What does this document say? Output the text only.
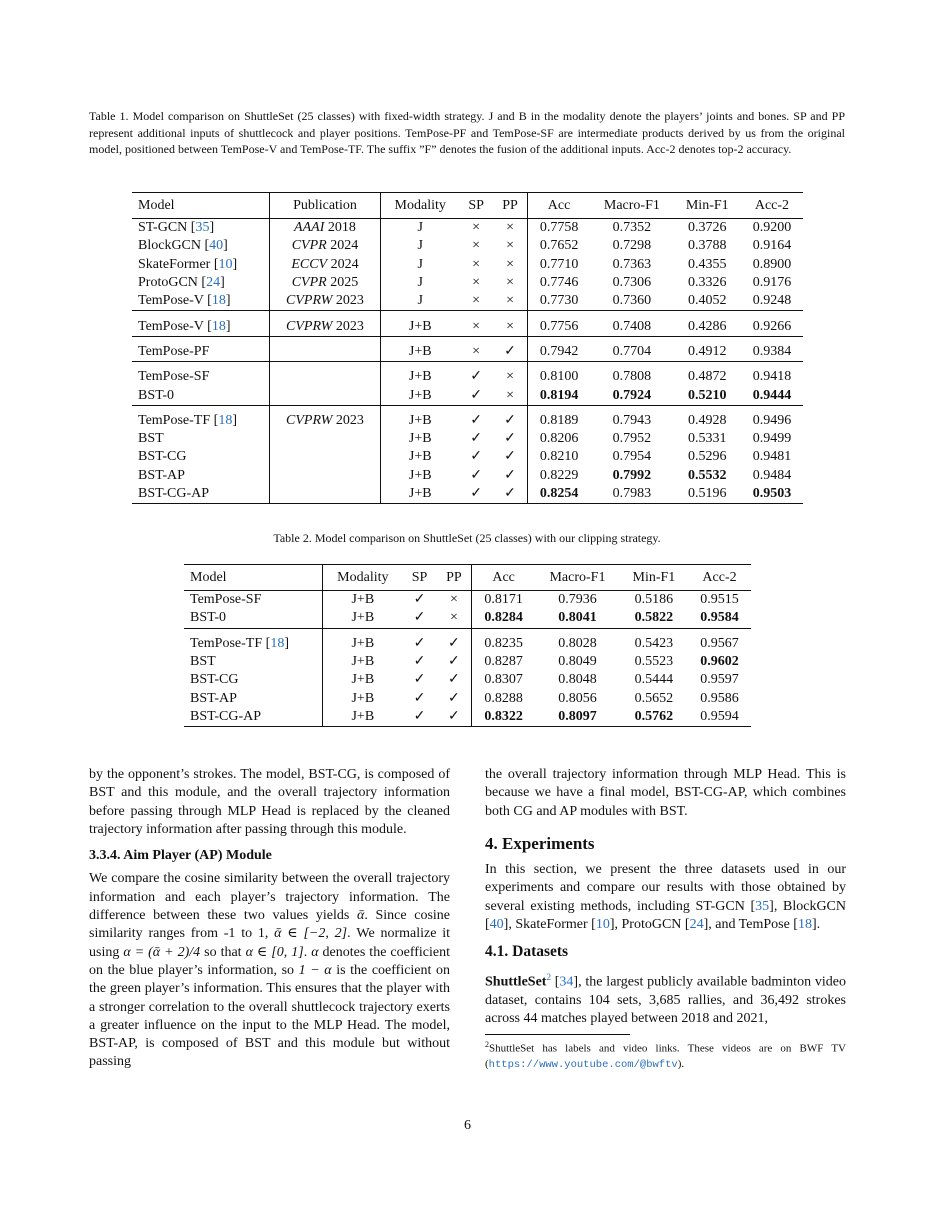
Table 1. Model comparison on ShuttleSet (25 classes) with fixed-width strategy. J and B in the modality denote the players’ joints and bones. SP and PP represent additional inputs of shuttlecock and player positions. TemPose-PF and TemPose-SF are intermediate products derived by us from the original model, positioned between TemPose-V and TemPose-TF. The suffix ”F” denotes the fusion of the additional inputs. Acc-2 denotes top-2 accuracy.
Model	Publication	Modality	SP	PP	Acc	Macro-F1	Min-F1	Acc-2
ST-GCN [35]	AAAI 2018	J	×	×	0.7758	0.7352	0.3726	0.9200
BlockGCN [40]	CVPR 2024	J	×	×	0.7652	0.7298	0.3788	0.9164
SkateFormer [10]	ECCV 2024	J	×	×	0.7710	0.7363	0.4355	0.8900
ProtoGCN [24]	CVPR 2025	J	×	×	0.7746	0.7306	0.3326	0.9176
TemPose-V [18]	CVPRW 2023	J	×	×	0.7730	0.7360	0.4052	0.9248
TemPose-V [18]	CVPRW 2023	J+B	×	×	0.7756	0.7408	0.4286	0.9266
TemPose-PF		J+B	×	✓	0.7942	0.7704	0.4912	0.9384
TemPose-SF		J+B	✓	×	0.8100	0.7808	0.4872	0.9418
BST-0		J+B	✓	×	0.8194	0.7924	0.5210	0.9444
TemPose-TF [18]	CVPRW 2023	J+B	✓	✓	0.8189	0.7943	0.4928	0.9496
BST		J+B	✓	✓	0.8206	0.7952	0.5331	0.9499
BST-CG		J+B	✓	✓	0.8210	0.7954	0.5296	0.9481
BST-AP		J+B	✓	✓	0.8229	0.7992	0.5532	0.9484
BST-CG-AP		J+B	✓	✓	0.8254	0.7983	0.5196	0.9503
Table 2. Model comparison on ShuttleSet (25 classes) with our clipping strategy.
Model	Modality	SP	PP	Acc	Macro-F1	Min-F1	Acc-2
TemPose-SF	J+B	✓	×	0.8171	0.7936	0.5186	0.9515
BST-0	J+B	✓	×	0.8284	0.8041	0.5822	0.9584
TemPose-TF [18]	J+B	✓	✓	0.8235	0.8028	0.5423	0.9567
BST	J+B	✓	✓	0.8287	0.8049	0.5523	0.9602
BST-CG	J+B	✓	✓	0.8307	0.8048	0.5444	0.9597
BST-AP	J+B	✓	✓	0.8288	0.8056	0.5652	0.9586
BST-CG-AP	J+B	✓	✓	0.8322	0.8097	0.5762	0.9594

by the opponent’s strokes. The model, BST-CG, is composed of BST and this module, and the overall trajectory information before passing through MLP Head is replaced by the cleaned trajectory information after passing through this module.

3.3.4. Aim Player (AP) Module

We compare the cosine similarity between the overall trajectory information and each player’s trajectory information. The difference between these two values yields ᾱ. Since cosine similarity ranges from -1 to 1, ᾱ ∈ [−2, 2]. We normalize it using α = (ᾱ + 2)/4 so that α ∈ [0, 1]. α denotes the coefficient on the blue player’s information, so 1 − α is the coefficient on the green player’s information. This ensures that the player with a stronger correlation to the overall shuttlecock trajectory exerts a greater influence on the input to the MLP Head. The model, BST-AP, is composed of BST and this module but without passing

the overall trajectory information through MLP Head. This is because we have a final model, BST-CG-AP, which combines both CG and AP modules with BST.

4. Experiments

In this section, we present the three datasets used in our experiments and compare our results with those obtained by several existing methods, including ST-GCN [35], BlockGCN [40], SkateFormer [10], ProtoGCN [24], and TemPose [18].

4.1. Datasets

ShuttleSet$^2$ [34], the largest publicly available badminton video dataset, contains 104 sets, 3,685 rallies, and 36,492 strokes across 44 matches played between 2018 and 2021,

$^2$ShuttleSet has labels and video links. These videos are on BWF TV (https://www.youtube.com/@bwftv).
6
